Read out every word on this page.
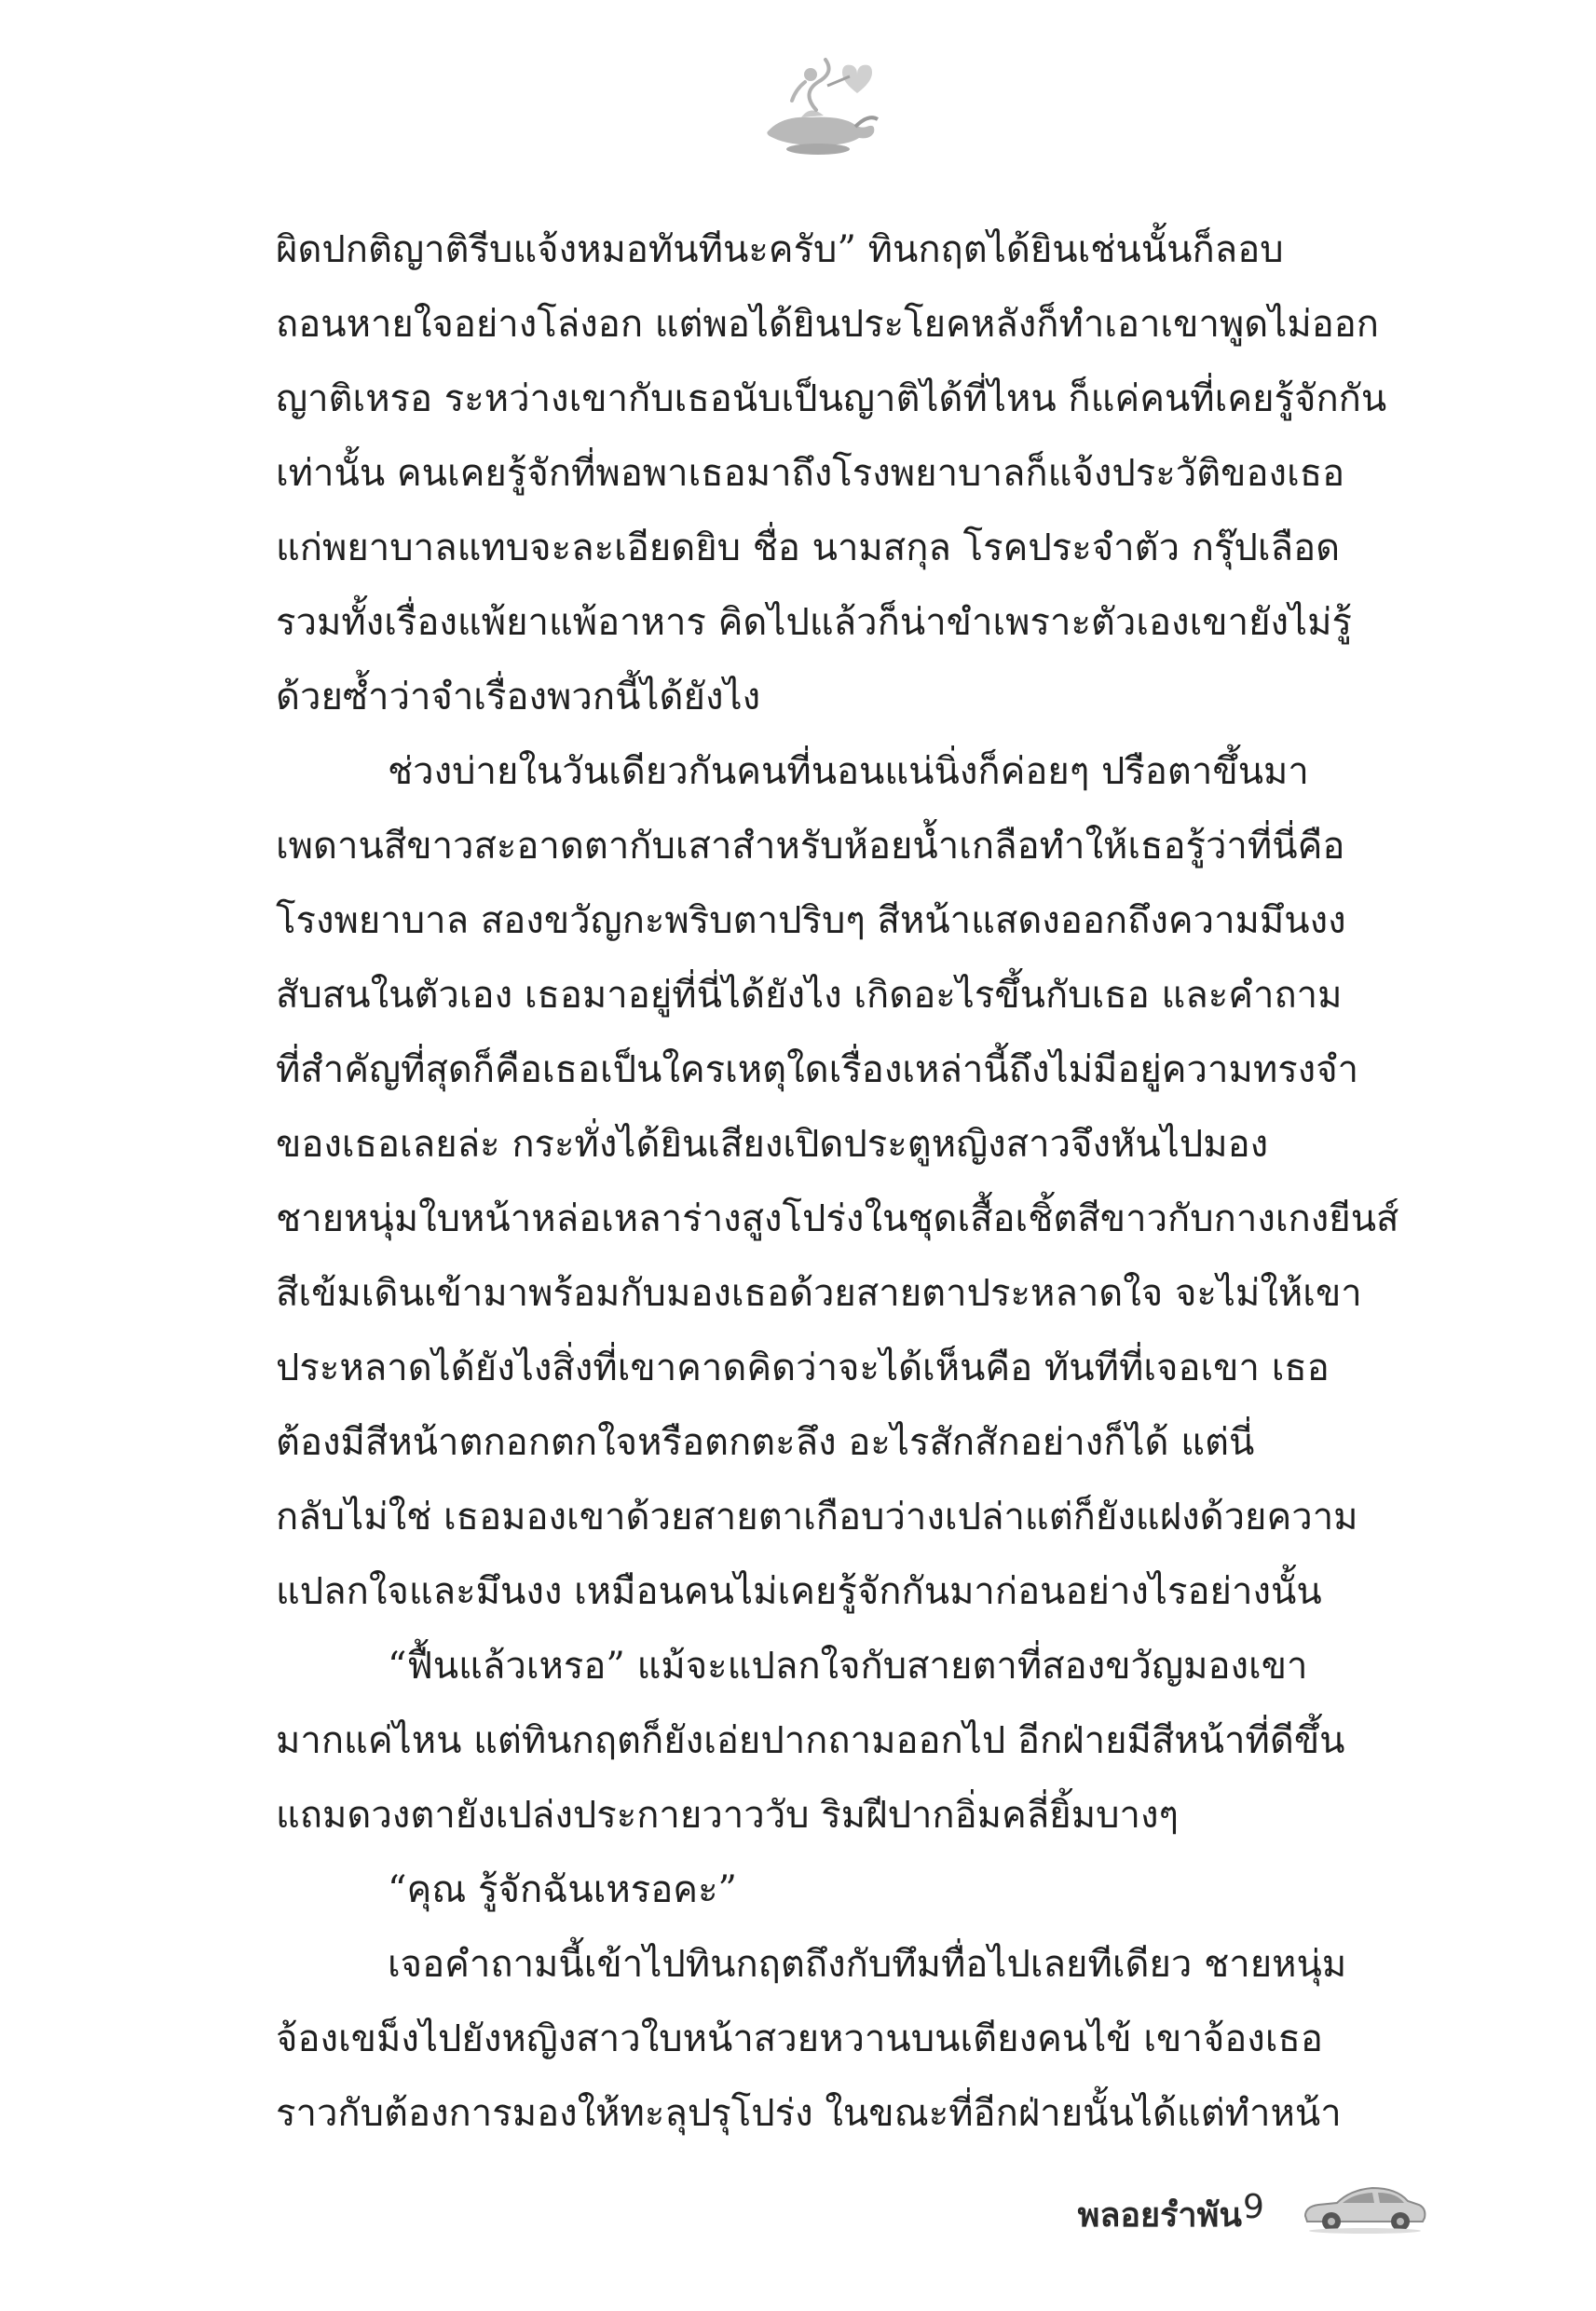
ผิดปกติญาติรีบแจ้งหมอทันทีนะครับ” ทินกฤตได้ยินเช่นนั้นก็ลอบ
ถอนหายใจอย่างโล่งอก แต่พอได้ยินประโยคหลังก็ทำเอาเขาพูดไม่ออก
ญาติเหรอ ระหว่างเขากับเธอนับเป็นญาติได้ที่ไหน ก็แค่คนที่เคยรู้จักกัน
เท่านั้น คนเคยรู้จักที่พอพาเธอมาถึงโรงพยาบาลก็แจ้งประวัติของเธอ
แก่พยาบาลแทบจะละเอียดยิบ ชื่อ นามสกุล โรคประจำตัว กรุ๊ปเลือด
รวมทั้งเรื่องแพ้ยาแพ้อาหาร คิดไปแล้วก็น่าขำเพราะตัวเองเขายังไม่รู้
ด้วยซ้ำว่าจำเรื่องพวกนี้ได้ยังไง
ช่วงบ่ายในวันเดียวกันคนที่นอนแน่นิ่งก็ค่อยๆ ปรือตาขึ้นมา
เพดานสีขาวสะอาดตากับเสาสำหรับห้อยน้ำเกลือทำให้เธอรู้ว่าที่นี่คือ
โรงพยาบาล สองขวัญกะพริบตาปริบๆ สีหน้าแสดงออกถึงความมึนงง
สับสนในตัวเอง เธอมาอยู่ที่นี่ได้ยังไง เกิดอะไรขึ้นกับเธอ และคำถาม
ที่สำคัญที่สุดก็คือเธอเป็นใครเหตุใดเรื่องเหล่านี้ถึงไม่มีอยู่ความทรงจำ
ของเธอเลยล่ะ กระทั่งได้ยินเสียงเปิดประตูหญิงสาวจึงหันไปมอง
ชายหนุ่มใบหน้าหล่อเหลาร่างสูงโปร่งในชุดเสื้อเชิ้ตสีขาวกับกางเกงยีนส์
สีเข้มเดินเข้ามาพร้อมกับมองเธอด้วยสายตาประหลาดใจ จะไม่ให้เขา
ประหลาดได้ยังไงสิ่งที่เขาคาดคิดว่าจะได้เห็นคือ ทันทีที่เจอเขา เธอ
ต้องมีสีหน้าตกอกตกใจหรือตกตะลึง อะไรสักสักอย่างก็ได้ แต่นี่
กลับไม่ใช่ เธอมองเขาด้วยสายตาเกือบว่างเปล่าแต่ก็ยังแฝงด้วยความ
แปลกใจและมึนงง เหมือนคนไม่เคยรู้จักกันมาก่อนอย่างไรอย่างนั้น
“ฟื้นแล้วเหรอ” แม้จะแปลกใจกับสายตาที่สองขวัญมองเขา
มากแค่ไหน แต่ทินกฤตก็ยังเอ่ยปากถามออกไป อีกฝ่ายมีสีหน้าที่ดีขึ้น
แถมดวงตายังเปล่งประกายวาววับ ริมฝีปากอิ่มคลี่ยิ้มบางๆ
“คุณ รู้จักฉันเหรอคะ”
เจอคำถามนี้เข้าไปทินกฤตถึงกับทึมทื่อไปเลยทีเดียว ชายหนุ่ม
จ้องเขม็งไปยังหญิงสาวใบหน้าสวยหวานบนเตียงคนไข้ เขาจ้องเธอ
ราวกับต้องการมองให้ทะลุปรุโปร่ง ในขณะที่อีกฝ่ายนั้นได้แต่ทำหน้า
พลอยรำพัน 9
